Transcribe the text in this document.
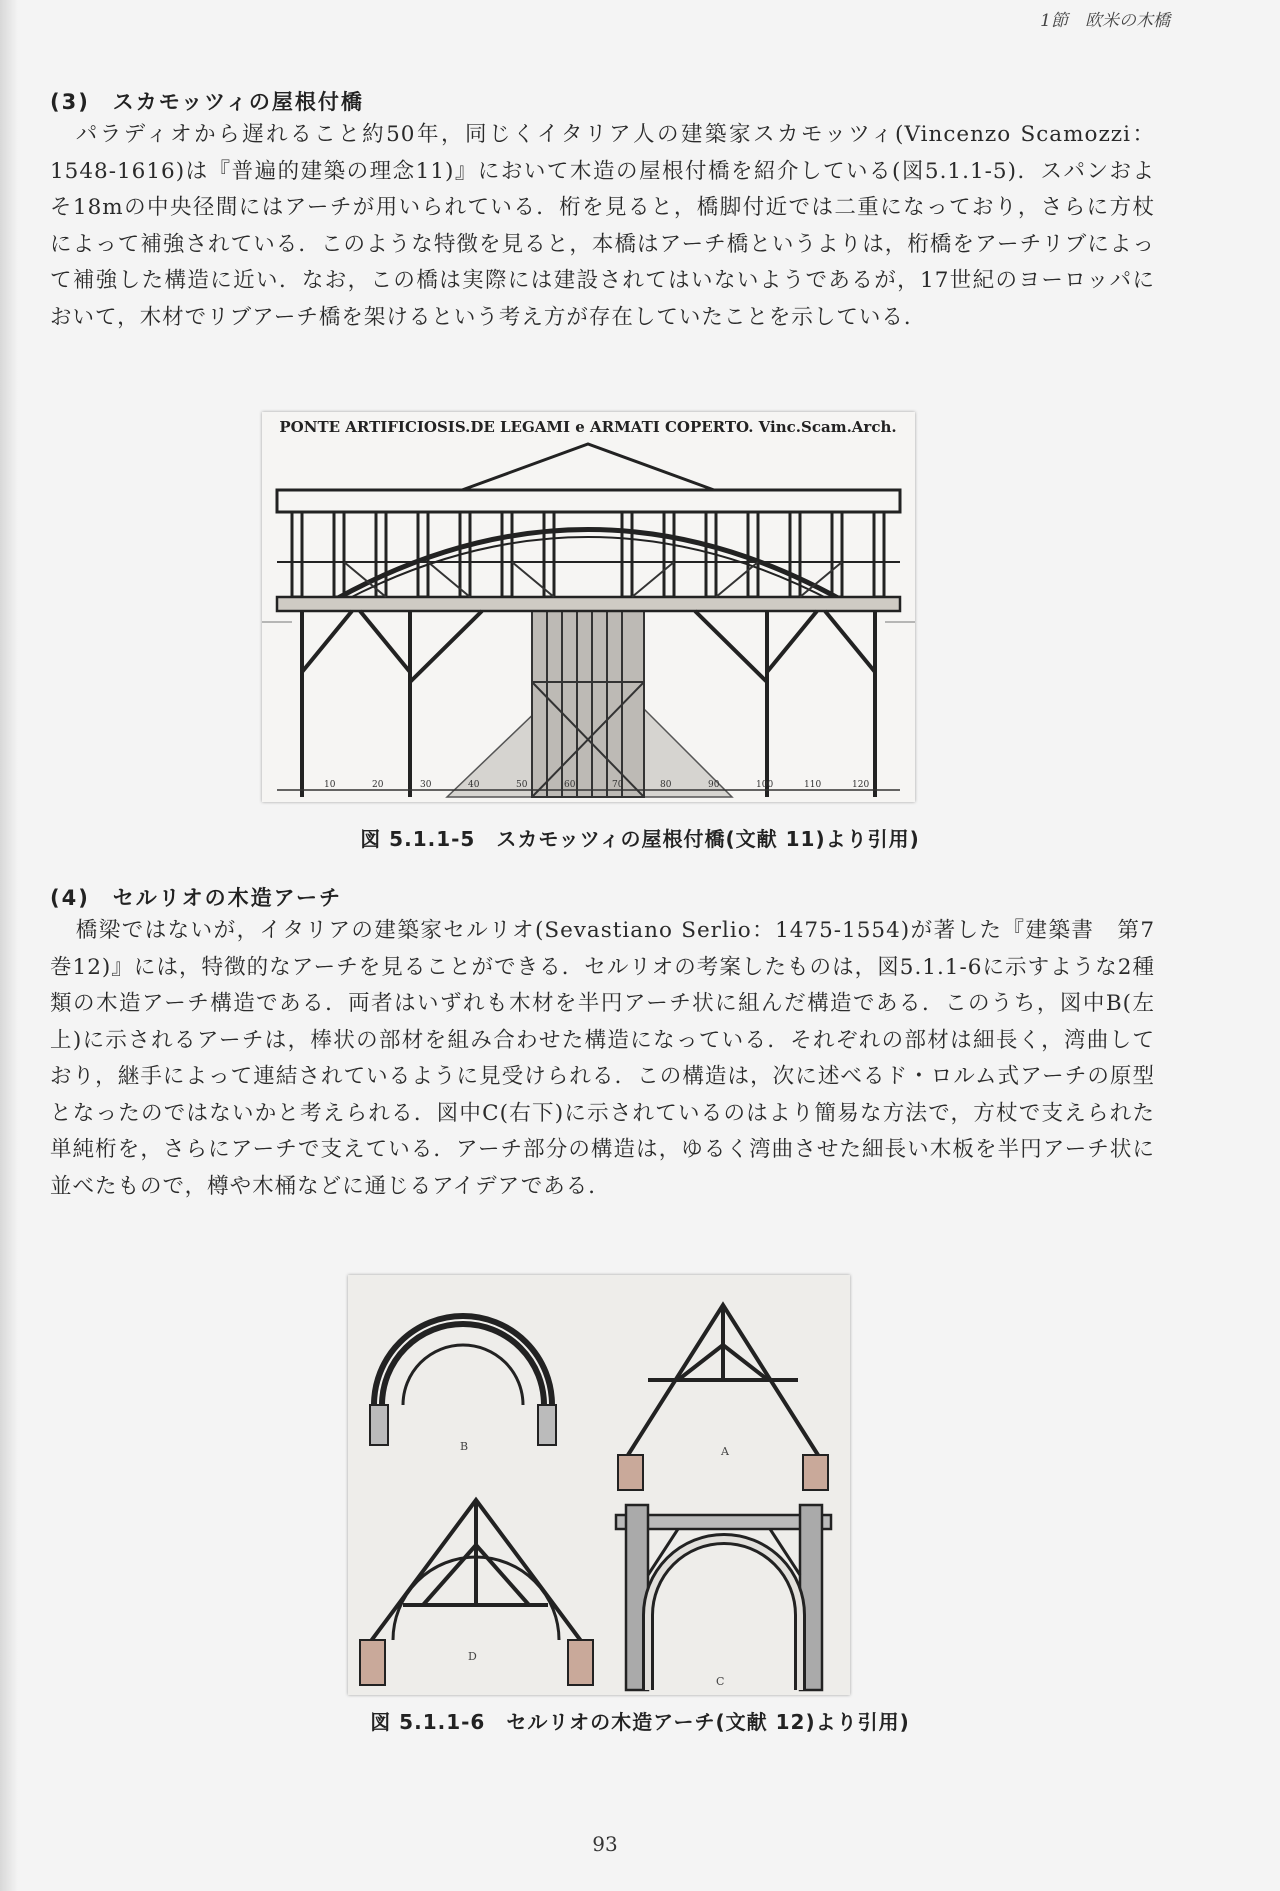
1節　欧米の木橋
(3)　スカモッツィの屋根付橋
パラディオから遅れること約50年，同じくイタリア人の建築家スカモッツィ(Vincenzo Scamozzi：1548-1616)は『普遍的建築の理念11)』において木造の屋根付橋を紹介している(図5.1.1-5)．スパンおよそ18mの中央径間にはアーチが用いられている．桁を見ると，橋脚付近では二重になっており，さらに方杖によって補強されている．このような特徴を見ると，本橋はアーチ橋というよりは，桁橋をアーチリブによって補強した構造に近い．なお，この橋は実際には建設されてはいないようであるが，17世紀のヨーロッパにおいて，木材でリブアーチ橋を架けるという考え方が存在していたことを示している．
10	20	30	40	50	60	70	80	90	100	110	120
PONTE ARTIFICIOSIS.DE LEGAMI e ARMATI COPERTO. Vinc.Scam.Arch.
図 5.1.1-5　スカモッツィの屋根付橋(文献 11)より引用)
(4)　セルリオの木造アーチ
橋梁ではないが，イタリアの建築家セルリオ(Sevastiano Serlio：1475-1554)が著した『建築書　第7巻12)』には，特徴的なアーチを見ることができる．セルリオの考案したものは，図5.1.1-6に示すような2種類の木造アーチ構造である．両者はいずれも木材を半円アーチ状に組んだ構造である．このうち，図中B(左上)に示されるアーチは，棒状の部材を組み合わせた構造になっている．それぞれの部材は細長く，湾曲しており，継手によって連結されているように見受けられる．この構造は，次に述べるド・ロルム式アーチの原型となったのではないかと考えられる．図中C(右下)に示されているのはより簡易な方法で，方杖で支えられた単純桁を，さらにアーチで支えている．アーチ部分の構造は，ゆるく湾曲させた細長い木板を半円アーチ状に並べたもので，樽や木桶などに通じるアイデアである．
B	A
D
C
図 5.1.1-6　セルリオの木造アーチ(文献 12)より引用)
93
